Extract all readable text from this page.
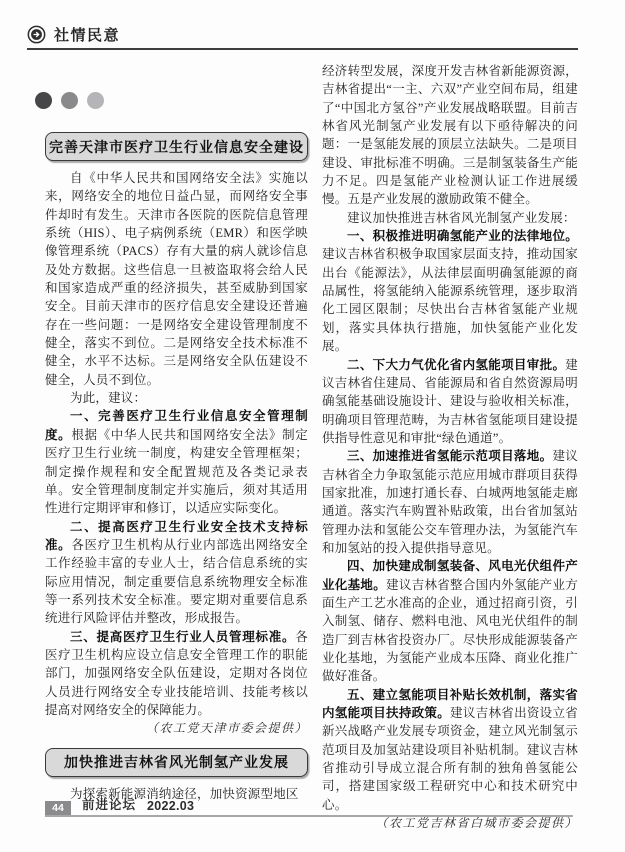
社情民意
完善天津市医疗卫生行业信息安全建设

自《中华人民共和国网络安全法》实施以来，网络安全的地位日益凸显，而网络安全事件却时有发生。天津市各医院的医院信息管理系统（HIS）、电子病例系统（EMR）和医学映像管理系统（PACS）存有大量的病人就诊信息及处方数据。这些信息一旦被盗取将会给人民和国家造成严重的经济损失，甚至威胁到国家安全。目前天津市的医疗信息安全建设还普遍存在一些问题：一是网络安全建设管理制度不健全，落实不到位。二是网络安全技术标准不健全，水平不达标。三是网络安全队伍建设不健全，人员不到位。

为此，建议：

一、完善医疗卫生行业信息安全管理制度。根据《中华人民共和国网络安全法》制定医疗卫生行业统一制度，构建安全管理框架；制定操作规程和安全配置规范及各类记录表单。安全管理制度制定并实施后，须对其适用性进行定期评审和修订，以适应实际变化。

二、提高医疗卫生行业安全技术支持标准。各医疗卫生机构从行业内部选出网络安全工作经验丰富的专业人士，结合信息系统的实际应用情况，制定重要信息系统物理安全标准等一系列技术安全标准。要定期对重要信息系统进行风险评估并整改，形成报告。

三、提高医疗卫生行业人员管理标准。各医疗卫生机构应设立信息安全管理工作的职能部门，加强网络安全队伍建设，定期对各岗位人员进行网络安全专业技能培训、技能考核以提高对网络安全的保障能力。

（农工党天津市委会提供）

加快推进吉林省风光制氢产业发展

为探索新能源消纳途径，加快资源型地区

经济转型发展，深度开发吉林省新能源资源，吉林省提出“一主、六双”产业空间布局，组建了“中国北方氢谷”产业发展战略联盟。目前吉林省风光制氢产业发展有以下亟待解决的问题：一是氢能发展的顶层立法缺失。二是项目建设、审批标准不明确。三是制氢装备生产能力不足。四是氢能产业检测认证工作进展缓慢。五是产业发展的激励政策不健全。

建议加快推进吉林省风光制氢产业发展：

一、积极推进明确氢能产业的法律地位。建议吉林省积极争取国家层面支持，推动国家出台《能源法》，从法律层面明确氢能源的商品属性，将氢能纳入能源系统管理，逐步取消化工园区限制；尽快出台吉林省氢能产业规划，落实具体执行措施，加快氢能产业化发展。

二、下大力气优化省内氢能项目审批。建议吉林省住建局、省能源局和省自然资源局明确氢能基础设施设计、建设与验收相关标准，明确项目管理范畴，为吉林省氢能项目建设提供指导性意见和审批“绿色通道”。

三、加速推进省氢能示范项目落地。建议吉林省全力争取氢能示范应用城市群项目获得国家批准，加速打通长春、白城两地氢能走廊通道。落实汽车购置补贴政策，出台省加氢站管理办法和氢能公交车管理办法，为氢能汽车和加氢站的投入提供指导意见。

四、加快建成制氢装备、风电光伏组件产业化基地。建议吉林省整合国内外氢能产业方面生产工艺水准高的企业，通过招商引资，引入制氢、储存、燃料电池、风电光伏组件的制造厂到吉林省投资办厂。尽快形成能源装备产业化基地，为氢能产业成本压降、商业化推广做好准备。

五、建立氢能项目补贴长效机制，落实省内氢能项目扶持政策。建议吉林省出资设立省新兴战略产业发展专项资金，建立风光制氢示范项目及加氢站建设项目补贴机制。建议吉林省推动引导成立混合所有制的独角兽氢能公司，搭建国家级工程研究中心和技术研究中心。

（农工党吉林省白城市委会提供）

44	前进论坛 2022.03
